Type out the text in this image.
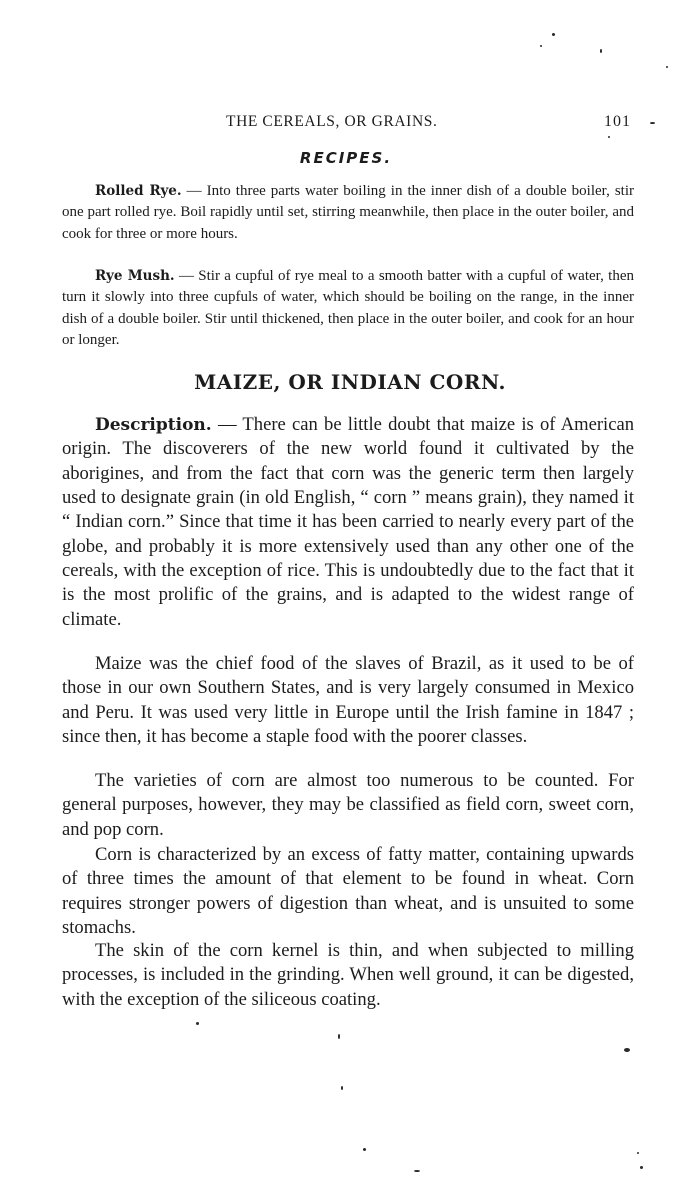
THE CEREALS, OR GRAINS.	101
RECIPES.

Rolled Rye. — Into three parts water boiling in the inner dish of a double boiler, stir one part rolled rye. Boil rapidly until set, stirring meanwhile, then place in the outer boiler, and cook for three or more hours.

Rye Mush. — Stir a cupful of rye meal to a smooth batter with a cupful of water, then turn it slowly into three cupfuls of water, which should be boiling on the range, in the inner dish of a double boiler. Stir until thickened, then place in the outer boiler, and cook for an hour or longer.

MAIZE, OR INDIAN CORN.

Description. — There can be little doubt that maize is of American origin. The discoverers of the new world found it cultivated by the aborigines, and from the fact that corn was the generic term then largely used to designate grain (in old English, “ corn ” means grain), they named it “ Indian corn.” Since that time it has been carried to nearly every part of the globe, and probably it is more extensively used than any other one of the cereals, with the exception of rice. This is undoubtedly due to the fact that it is the most prolific of the grains, and is adapted to the widest range of climate.

Maize was the chief food of the slaves of Brazil, as it used to be of those in our own Southern States, and is very largely consumed in Mexico and Peru. It was used very little in Europe until the Irish famine in 1847 ; since then, it has become a staple food with the poorer classes.

The varieties of corn are almost too numerous to be counted. For general purposes, however, they may be classified as field corn, sweet corn, and pop corn.

Corn is characterized by an excess of fatty matter, containing upwards of three times the amount of that element to be found in wheat. Corn requires stronger powers of digestion than wheat, and is unsuited to some stomachs.

The skin of the corn kernel is thin, and when subjected to milling processes, is included in the grinding. When well ground, it can be digested, with the exception of the siliceous coating.
